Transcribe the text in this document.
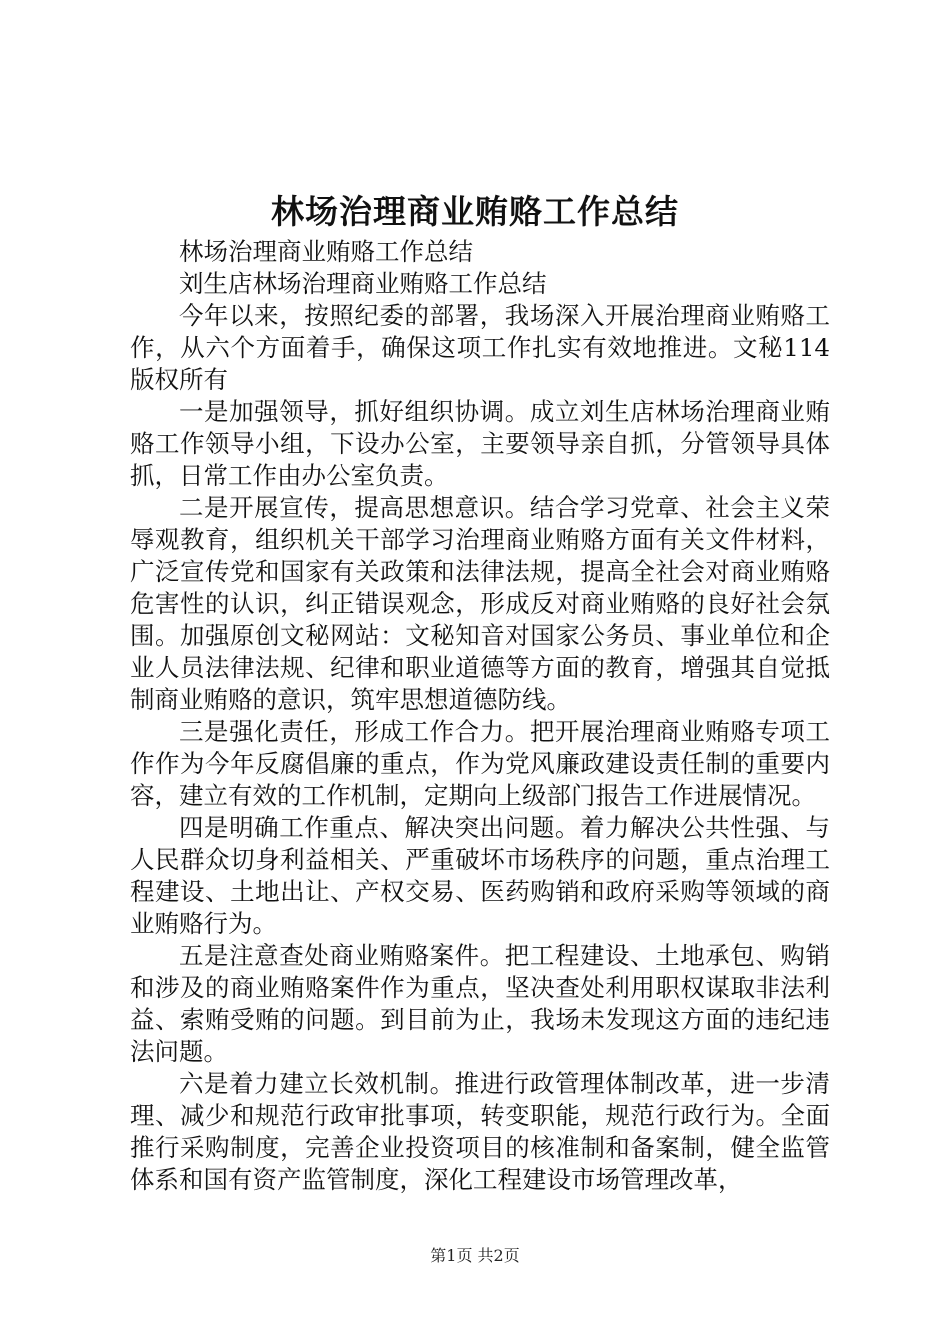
林场治理商业贿赂工作总结

林场治理商业贿赂工作总结

刘生店林场治理商业贿赂工作总结

今年以来，按照纪委的部署，我场深入开展治理商业贿赂工作，从六个方面着手，确保这项工作扎实有效地推进。文秘114版权所有

一是加强领导，抓好组织协调。成立刘生店林场治理商业贿赂工作领导小组，下设办公室，主要领导亲自抓，分管领导具体抓，日常工作由办公室负责。

二是开展宣传，提高思想意识。结合学习党章、社会主义荣辱观教育，组织机关干部学习治理商业贿赂方面有关文件材料，广泛宣传党和国家有关政策和法律法规，提高全社会对商业贿赂危害性的认识，纠正错误观念，形成反对商业贿赂的良好社会氛围。加强原创文秘网站：文秘知音对国家公务员、事业单位和企业人员法律法规、纪律和职业道德等方面的教育，增强其自觉抵制商业贿赂的意识，筑牢思想道德防线。

三是强化责任，形成工作合力。把开展治理商业贿赂专项工作作为今年反腐倡廉的重点，作为党风廉政建设责任制的重要内容，建立有效的工作机制，定期向上级部门报告工作进展情况。

四是明确工作重点、解决突出问题。着力解决公共性强、与人民群众切身利益相关、严重破坏市场秩序的问题，重点治理工程建设、土地出让、产权交易、医药购销和政府采购等领域的商业贿赂行为。

五是注意查处商业贿赂案件。把工程建设、土地承包、购销和涉及的商业贿赂案件作为重点，坚决查处利用职权谋取非法利益、索贿受贿的问题。到目前为止，我场未发现这方面的违纪违法问题。

六是着力建立长效机制。推进行政管理体制改革，进一步清理、减少和规范行政审批事项，转变职能，规范行政行为。全面推行采购制度，完善企业投资项目的核准制和备案制，健全监管体系和国有资产监管制度，深化工程建设市场管理改革，

第1页 共2页
